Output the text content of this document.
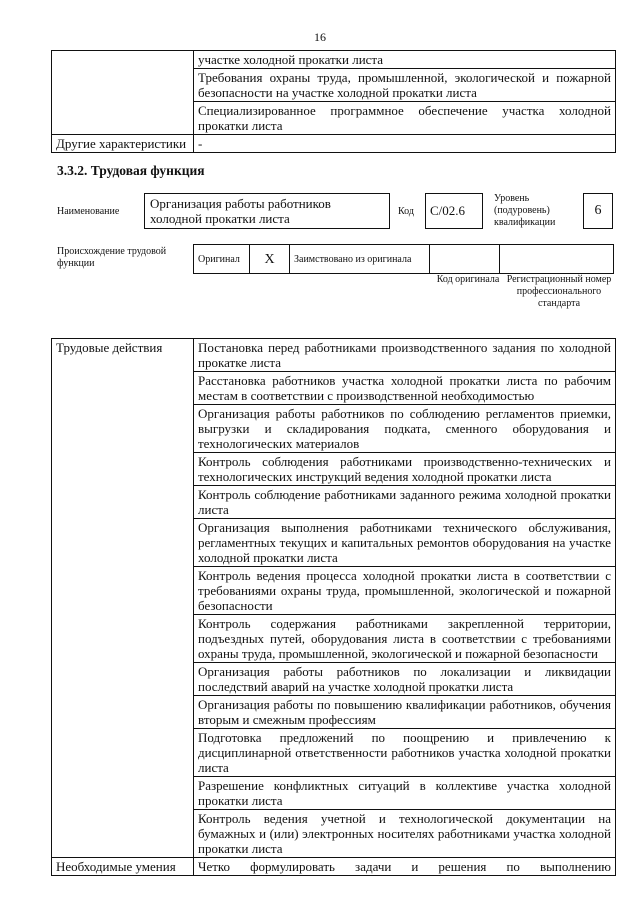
16
	участке холодной прокатки листа
	Требования охраны труда, промышленной, экологической и пожарной безопасности на участке холодной прокатки листа
	Специализированное программное обеспечение участка холодной прокатки листа
Другие характеристики	-
3.3.2. Трудовая функция
Наименование
Организация работы работников холодной прокатки листа	Код	C/02.6
Уровень (подуровень) квалификации
6
Происхождение трудовой функции	Оригинал	X	Заимствовано из оригинала		
Код оригинала Регистрационный номер профессионального стандарта
Трудовые действия	Постановка перед работниками производственного задания по холодной прокатке листа
	Расстановка работников участка холодной прокатки листа по рабочим местам в соответствии с производственной необходимостью
	Организация работы работников по соблюдению регламентов приемки, выгрузки и складирования подката, сменного оборудования и технологических материалов
	Контроль соблюдения работниками производственно-технических и технологических инструкций ведения холодной прокатки листа
	Контроль соблюдение работниками заданного режима холодной прокатки листа
	Организация выполнения работниками технического обслуживания, регламентных текущих и капитальных ремонтов оборудования на участке холодной прокатки листа
	Контроль ведения процесса холодной прокатки листа в соответствии с требованиями охраны труда, промышленной, экологической и пожарной безопасности
	Контроль содержания работниками закрепленной территории, подъездных путей, оборудования листа в соответствии с требованиями охраны труда, промышленной, экологической и пожарной безопасности
	Организация работы работников по локализации и ликвидации последствий аварий на участке холодной прокатки листа
	Организация работы по повышению квалификации работников, обучения вторым и смежным профессиям
	Подготовка предложений по поощрению и привлечению к дисциплинарной ответственности работников участка холодной прокатки листа
	Разрешение конфликтных ситуаций в коллективе участка холодной прокатки листа
	Контроль ведения учетной и технологической документации на бумажных и (или) электронных носителях работниками участка холодной прокатки листа
Необходимые умения	Четко формулировать задачи и решения по выполнению
